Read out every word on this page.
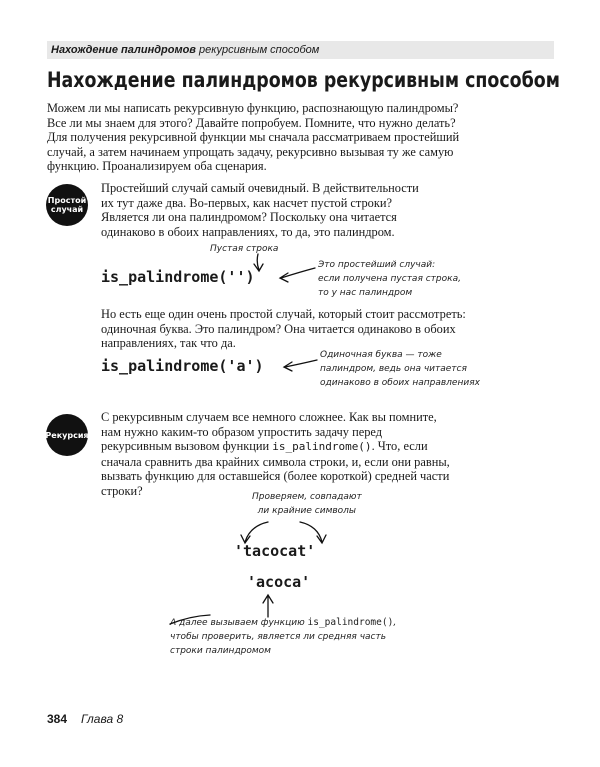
Нахождение палиндромов рекурсивным способом
Нахождение палиндромов рекурсивным способом

Можем ли мы написать рекурсивную функцию, распознающую палиндромы? Все ли мы знаем для этого? Давайте попробуем. Помните, что нужно делать? Для получения рекурсивной функции мы сначала рассматриваем простейший случай, а затем начинаем упрощать задачу, рекурсивно вызывая ту же самую функцию. Проанализируем оба сценария.

Простой
случай

Простейший случай самый очевидный. В действительности их тут даже два. Во-первых, как насчет пустой строки? Является ли она палиндромом? Поскольку она читается одинаково в обоих направлениях, то да, это палиндром.

Пустая строка
is_palindrome('')
Это простейший случай:
если получена пустая строка,
то у нас палиндром

Но есть еще один очень простой случай, который стоит рассмотреть: одиночная буква. Это палиндром? Она читается одинаково в обоих направлениях, так что да.

is_palindrome('a')
Одиночная буква — тоже
палиндром, ведь она читается
одинаково в обоих направлениях
Рекурсия

С рекурсивным случаем все немного сложнее. Как вы помните, нам нужно каким-то образом упростить задачу перед рекурсивным вызовом функции is_palindrome(). Что, если сначала сравнить два крайних символа строки, и, если они равны, вызвать функцию для оставшейся (более короткой) средней части строки?	Проверяем, совпадают
ли крайние символы
'tacocat'
'acoca'
А далее вызываем функцию is_palindrome(),
чтобы проверить, является ли средняя часть
строки палиндромом
384 Глава 8
